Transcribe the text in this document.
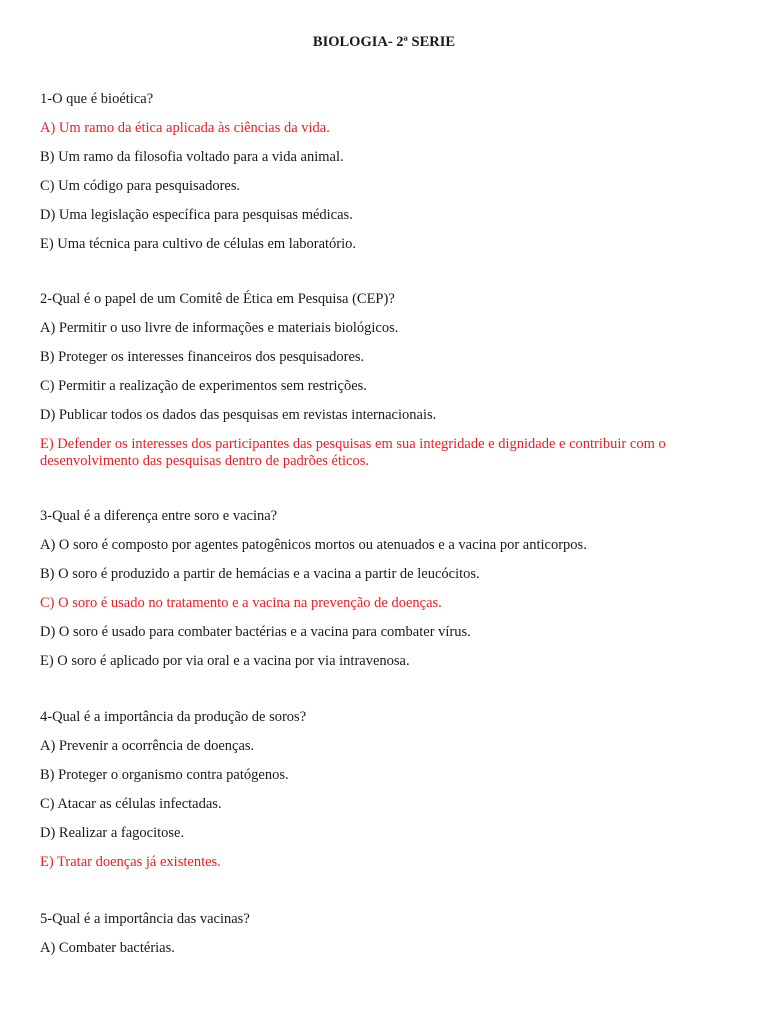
BIOLOGIA- 2ª SERIE
1-O que é bioética?
A) Um ramo da ética aplicada às ciências da vida.
B) Um ramo da filosofia voltado para a vida animal.
C) Um código para pesquisadores.
D) Uma legislação específica para pesquisas médicas.
E) Uma técnica para cultivo de células em laboratório.
2-Qual é o papel de um Comitê de Ética em Pesquisa (CEP)?
A) Permitir o uso livre de informações e materiais biológicos.
B) Proteger os interesses financeiros dos pesquisadores.
C) Permitir a realização de experimentos sem restrições.
D) Publicar todos os dados das pesquisas em revistas internacionais.
E) Defender os interesses dos participantes das pesquisas em sua integridade e dignidade e contribuir com o desenvolvimento das pesquisas dentro de padrões éticos.
3-Qual é a diferença entre soro e vacina?
A) O soro é composto por agentes patogênicos mortos ou atenuados e a vacina por anticorpos.
B) O soro é produzido a partir de hemácias e a vacina a partir de leucócitos.
C) O soro é usado no tratamento e a vacina na prevenção de doenças.
D) O soro é usado para combater bactérias e a vacina para combater vírus.
E) O soro é aplicado por via oral e a vacina por via intravenosa.
4-Qual é a importância da produção de soros?
A) Prevenir a ocorrência de doenças.
B) Proteger o organismo contra patógenos.
C) Atacar as células infectadas.
D) Realizar a fagocitose.
E) Tratar doenças já existentes.
5-Qual é a importância das vacinas?
A) Combater bactérias.
